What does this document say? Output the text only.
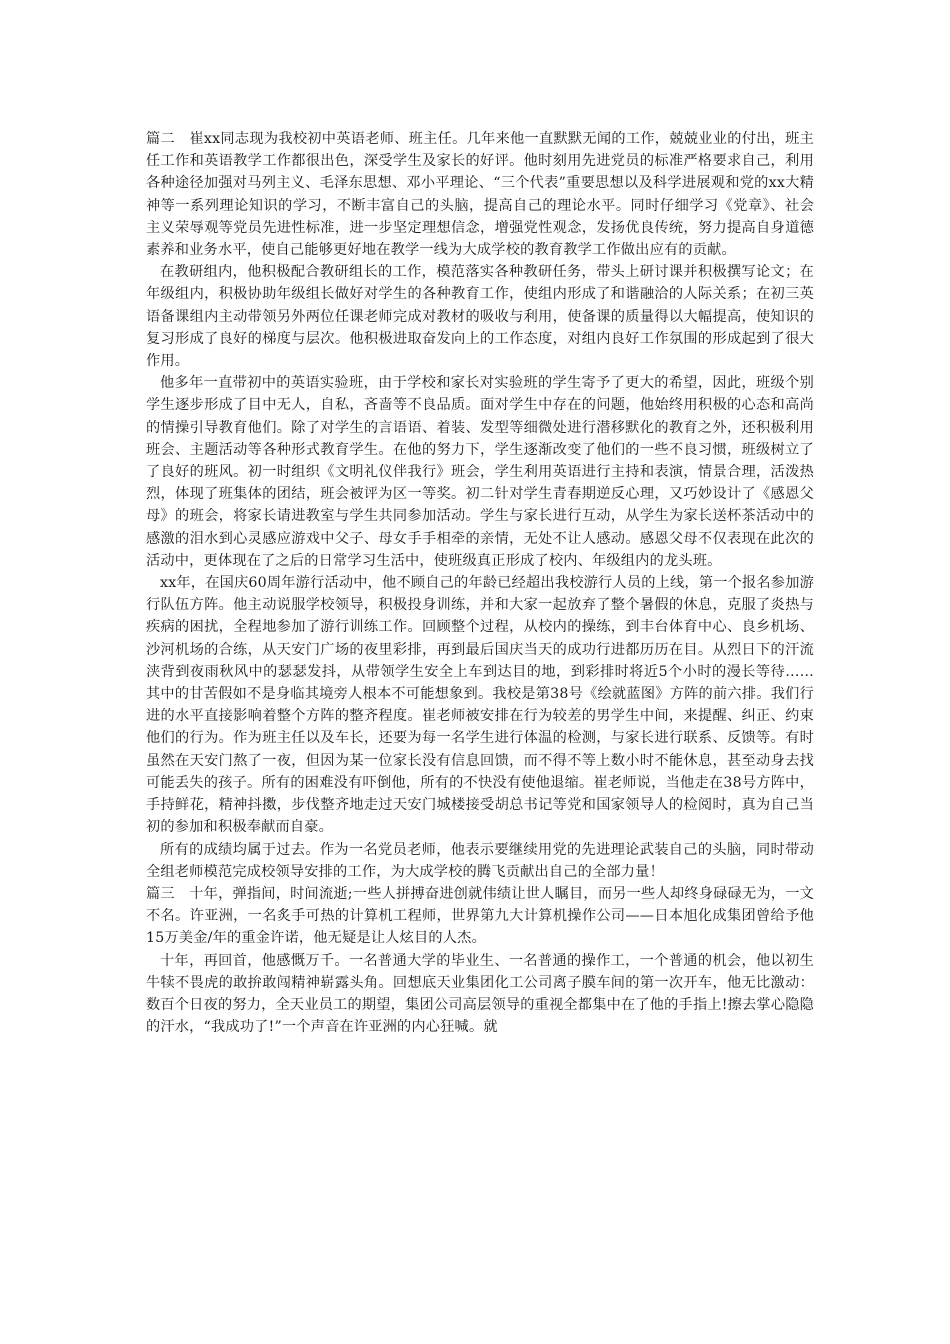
篇二　崔xx同志现为我校初中英语老师、班主任。几年来他一直默默无闻的工作，兢兢业业的付出，班主任工作和英语教学工作都很出色，深受学生及家长的好评。他时刻用先进党员的标准严格要求自己，利用各种途径加强对马列主义、毛泽东思想、邓小平理论、“三个代表”重要思想以及科学进展观和党的xx大精神等一系列理论知识的学习，不断丰富自己的头脑，提高自己的理论水平。同时仔细学习《党章》、社会主义荣辱观等党员先进性标准，进一步坚定理想信念，增强党性观念，发扬优良传统，努力提高自身道德素养和业务水平，使自己能够更好地在教学一线为大成学校的教育教学工作做出应有的贡献。

在教研组内，他积极配合教研组长的工作，模范落实各种教研任务，带头上研讨课并积极撰写论文；在年级组内，积极协助年级组长做好对学生的各种教育工作，使组内形成了和谐融洽的人际关系；在初三英语备课组内主动带领另外两位任课老师完成对教材的吸收与利用，使备课的质量得以大幅提高，使知识的复习形成了良好的梯度与层次。他积极进取奋发向上的工作态度，对组内良好工作氛围的形成起到了很大作用。

他多年一直带初中的英语实验班，由于学校和家长对实验班的学生寄予了更大的希望，因此，班级个别学生逐步形成了目中无人，自私，吝啬等不良品质。面对学生中存在的问题，他始终用积极的心态和高尚的情操引导教育他们。除了对学生的言语语、着装、发型等细微处进行潜移默化的教育之外，还积极利用班会、主题活动等各种形式教育学生。在他的努力下，学生逐渐改变了他们的一些不良习惯，班级树立了了良好的班风。初一时组织《文明礼仪伴我行》班会，学生利用英语进行主持和表演，情景合理，活泼热烈，体现了班集体的团结，班会被评为区一等奖。初二针对学生青春期逆反心理，又巧妙设计了《感恩父母》的班会，将家长请进教室与学生共同参加活动。学生与家长进行互动，从学生为家长送杯茶活动中的感激的泪水到心灵感应游戏中父子、母女手手相牵的亲情，无处不让人感动。感恩父母不仅表现在此次的活动中，更体现在了之后的日常学习生活中，使班级真正形成了校内、年级组内的龙头班。

xx年，在国庆60周年游行活动中，他不顾自己的年龄已经超出我校游行人员的上线，第一个报名参加游行队伍方阵。他主动说服学校领导，积极投身训练，并和大家一起放弃了整个暑假的休息，克服了炎热与疾病的困扰，全程地参加了游行训练工作。回顾整个过程，从校内的操练，到丰台体育中心、良乡机场、沙河机场的合练，从天安门广场的夜里彩排，再到最后国庆当天的成功行进都历历在目。从烈日下的汗流浃背到夜雨秋风中的瑟瑟发抖，从带领学生安全上车到达目的地，到彩排时将近5个小时的漫长等待……其中的甘苦假如不是身临其境旁人根本不可能想象到。我校是第38号《绘就蓝图》方阵的前六排。我们行进的水平直接影响着整个方阵的整齐程度。崔老师被安排在行为较差的男学生中间，来提醒、纠正、约束他们的行为。作为班主任以及车长，还要为每一名学生进行体温的检测，与家长进行联系、反馈等。有时虽然在天安门熬了一夜，但因为某一位家长没有信息回馈，而不得不等上数小时不能休息，甚至动身去找可能丢失的孩子。所有的困难没有吓倒他，所有的不快没有使他退缩。崔老师说，当他走在38号方阵中，手持鲜花，精神抖擞，步伐整齐地走过天安门城楼接受胡总书记等党和国家领导人的检阅时，真为自己当初的参加和积极奉献而自豪。

所有的成绩均属于过去。作为一名党员老师，他表示要继续用党的先进理论武装自己的头脑，同时带动全组老师模范完成校领导安排的工作，为大成学校的腾飞贡献出自己的全部力量！

篇三　十年，弹指间，时间流逝;一些人拼搏奋进创就伟绩让世人瞩目，而另一些人却终身碌碌无为，一文不名。许亚洲，一名炙手可热的计算机工程师，世界第九大计算机操作公司——日本旭化成集团曾给予他15万美金/年的重金许诺，他无疑是让人炫目的人杰。

十年，再回首，他感慨万千。一名普通大学的毕业生、一名普通的操作工，一个普通的机会，他以初生牛犊不畏虎的敢拚敢闯精神崭露头角。回想底天业集团化工公司离子膜车间的第一次开车，他无比激动：数百个日夜的努力，全天业员工的期望，集团公司高层领导的重视全都集中在了他的手指上!擦去掌心隐隐的汗水，“我成功了!”一个声音在许亚洲的内心狂喊。就
